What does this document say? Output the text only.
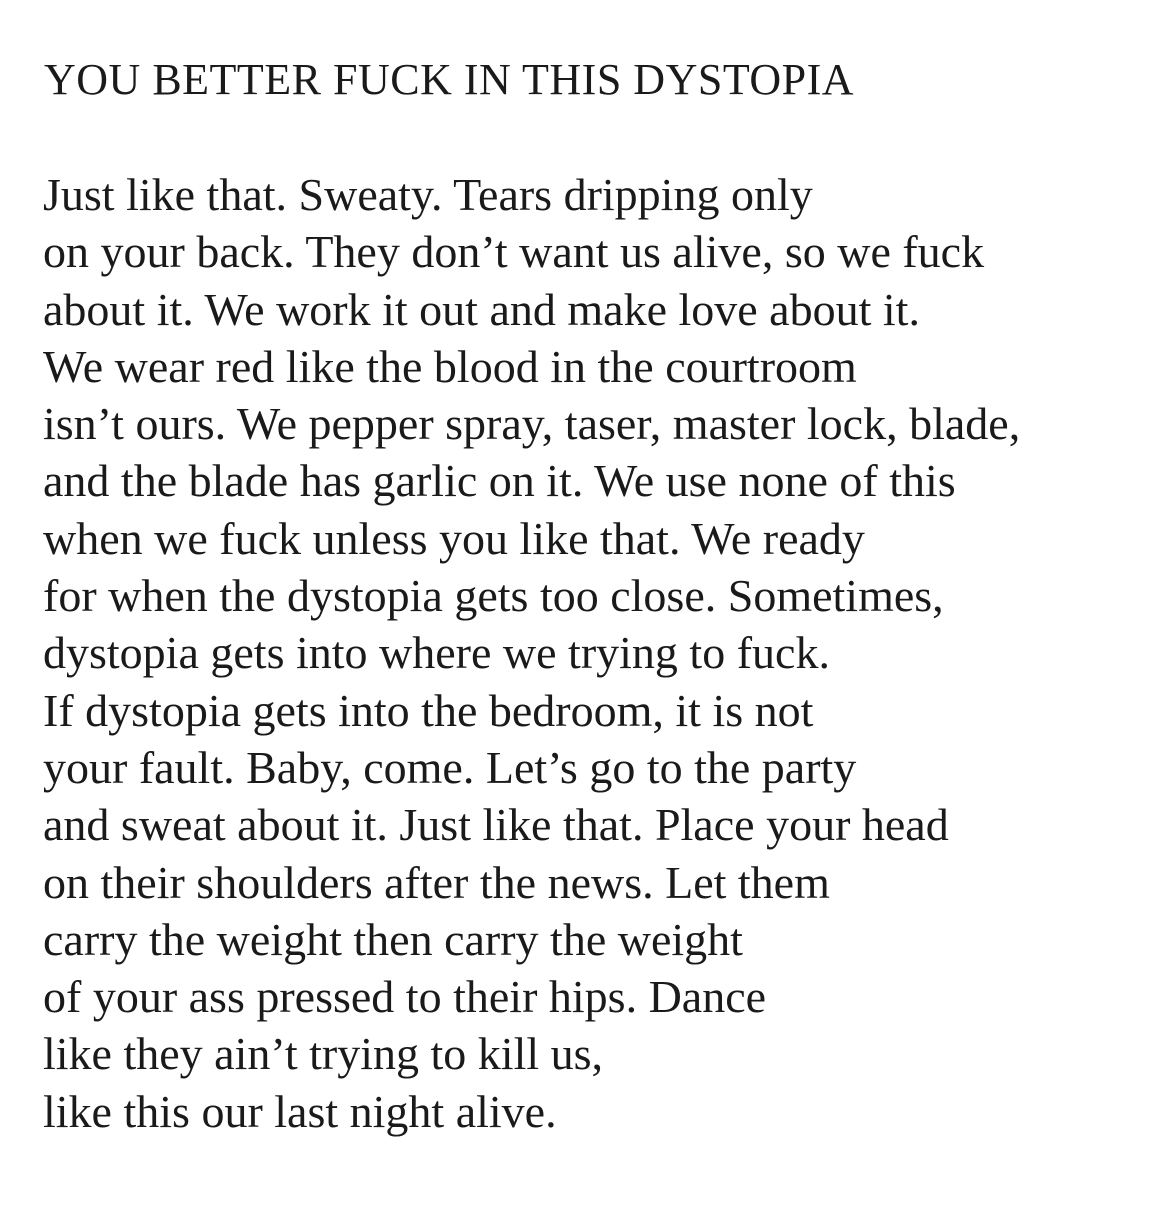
YOU BETTER FUCK IN THIS DYSTOPIA
Just like that. Sweaty. Tears dripping only
on your back. They don’t want us alive, so we fuck
about it. We work it out and make love about it.
We wear red like the blood in the courtroom
isn’t ours. We pepper spray, taser, master lock, blade,
and the blade has garlic on it. We use none of this
when we fuck unless you like that. We ready
for when the dystopia gets too close. Sometimes,
dystopia gets into where we trying to fuck.
If dystopia gets into the bedroom, it is not
your fault. Baby, come. Let’s go to the party
and sweat about it. Just like that. Place your head
on their shoulders after the news. Let them
carry the weight then carry the weight
of your ass pressed to their hips. Dance
like they ain’t trying to kill us,
like this our last night alive.
